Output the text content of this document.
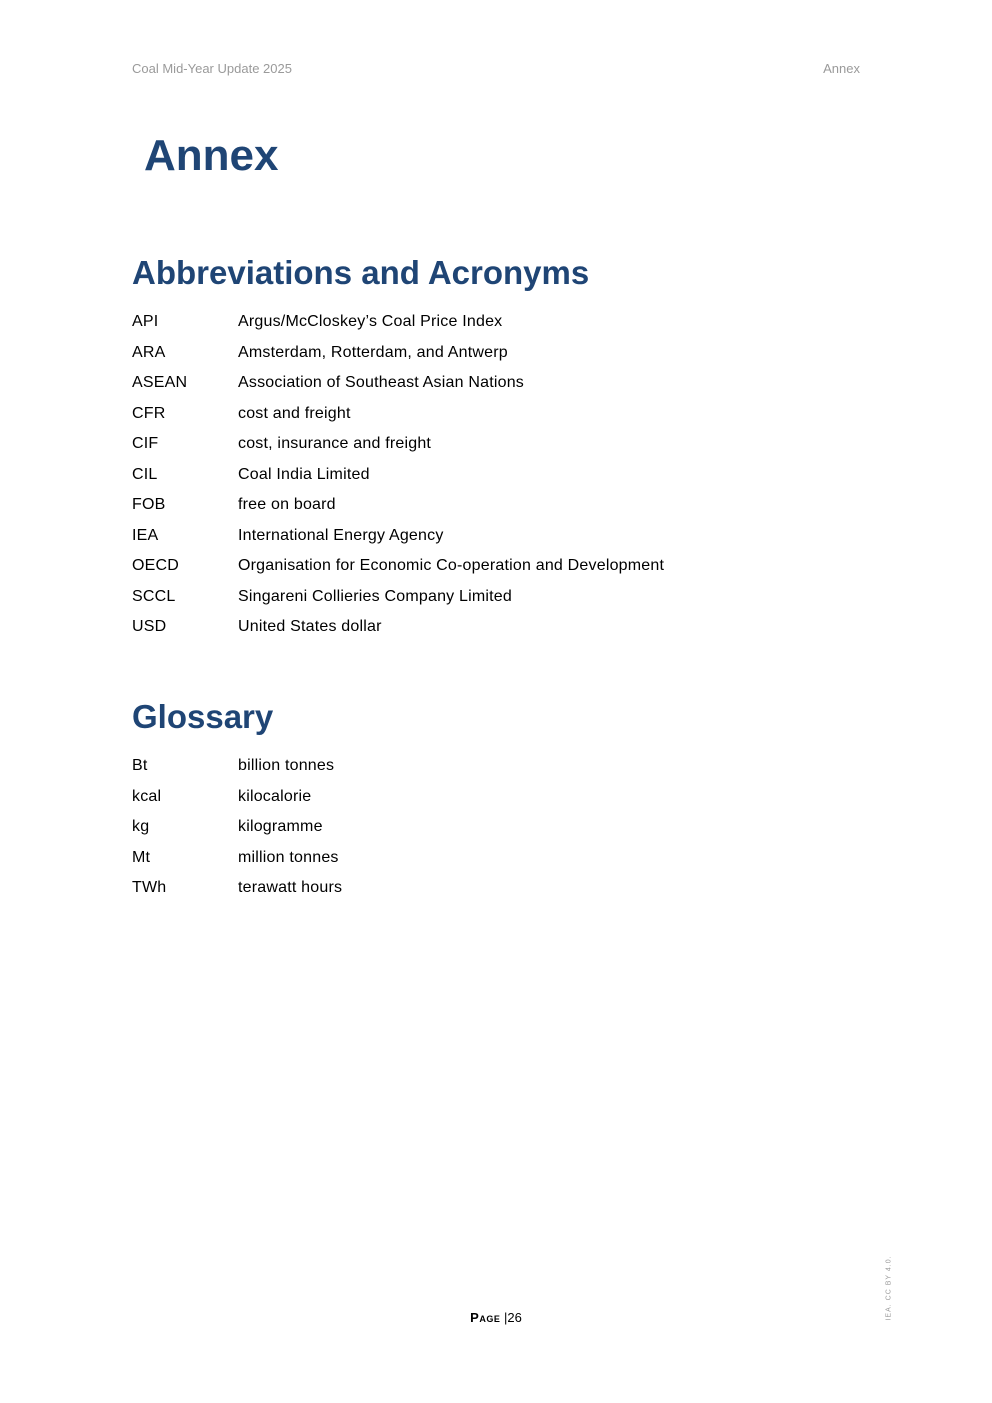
Coal Mid-Year Update 2025	Annex
Annex
Abbreviations and Acronyms
API	Argus/McCloskey’s Coal Price Index
ARA	Amsterdam, Rotterdam, and Antwerp
ASEAN	Association of Southeast Asian Nations
CFR	cost and freight
CIF	cost, insurance and freight
CIL	Coal India Limited
FOB	free on board
IEA	International Energy Agency
OECD	Organisation for Economic Co-operation and Development
SCCL	Singareni Collieries Company Limited
USD	United States dollar
Glossary
Bt	billion tonnes
kcal	kilocalorie
kg	kilogramme
Mt	million tonnes
TWh	terawatt hours
Page |26	IEA. CC BY 4.0.
